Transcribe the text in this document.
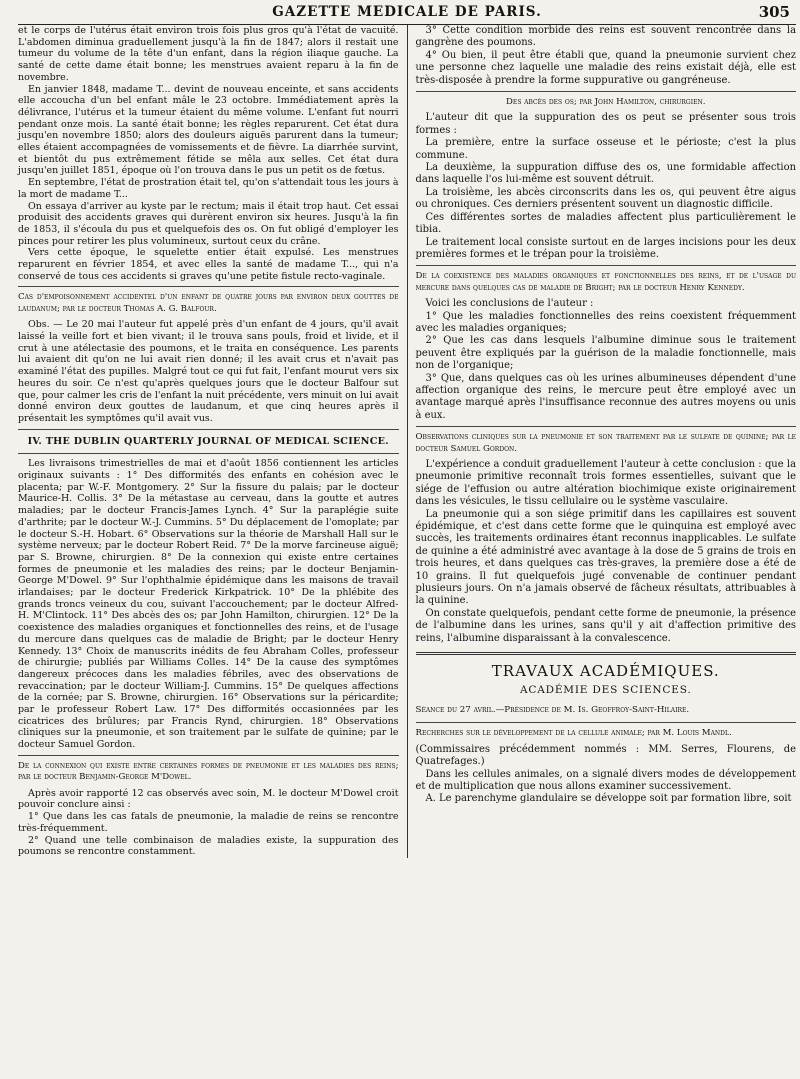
GAZETTE MEDICALE DE PARIS.	305

et le corps de l'utérus était environ trois fois plus gros qu'à l'état de vacuité. L'abdomen diminua graduellement jusqu'à la fin de 1847; alors il restait une tumeur du volume de la tête d'un enfant, dans la région iliaque gauche. La santé de cette dame était bonne; les menstrues avaient reparu à la fin de novembre.

En janvier 1848, madame T... devint de nouveau enceinte, et sans accidents elle accoucha d'un bel enfant mâle le 23 octobre. Immédiatement après la délivrance, l'utérus et la tumeur étaient du même volume. L'enfant fut nourri pendant onze mois. La santé était bonne; les règles reparurent. Cet état dura jusqu'en novembre 1850; alors des douleurs aiguës parurent dans la tumeur; elles étaient accompagnées de vomissements et de fièvre. La diarrhée survint, et bientôt du pus extrêmement fétide se mêla aux selles. Cet état dura jusqu'en juillet 1851, époque où l'on trouva dans le pus un petit os de fœtus.

En septembre, l'état de prostration était tel, qu'on s'attendait tous les jours à la mort de madame T...

On essaya d'arriver au kyste par le rectum; mais il était trop haut. Cet essai produisit des accidents graves qui durèrent environ six heures. Jusqu'à la fin de 1853, il s'écoula du pus et quelquefois des os. On fut obligé d'employer les pinces pour retirer les plus volumineux, surtout ceux du crâne.

Vers cette époque, le squelette entier était expulsé. Les menstrues reparurent en février 1854, et avec elles la santé de madame T..., qui n'a conservé de tous ces accidents si graves qu'une petite fistule recto-vaginale.

Cas d'empoisonnement accidentel d'un enfant de quatre jours par environ deux gouttes de laudanum; par le docteur Thomas A. G. Balfour.

Obs. — Le 20 mai l'auteur fut appelé près d'un enfant de 4 jours, qu'il avait laissé la veille fort et bien vivant; il le trouva sans pouls, froid et livide, et il crut à une atélectasie des poumons, et le traita en conséquence. Les parents lui avaient dit qu'on ne lui avait rien donné; il les avait crus et n'avait pas examiné l'état des pupilles. Malgré tout ce qui fut fait, l'enfant mourut vers six heures du soir. Ce n'est qu'après quelques jours que le docteur Balfour sut que, pour calmer les cris de l'enfant la nuit précédente, vers minuit on lui avait donné environ deux gouttes de laudanum, et que cinq heures après il présentait les symptômes qu'il avait vus.

IV. THE DUBLIN QUARTERLY JOURNAL OF MEDICAL SCIENCE.

Les livraisons trimestrielles de mai et d'août 1856 contiennent les articles originaux suivants : 1° Des difformités des enfants en cohésion avec le placenta; par W.-F. Montgomery. 2° Sur la fissure du palais; par le docteur Maurice-H. Collis. 3° De la métastase au cerveau, dans la goutte et autres maladies; par le docteur Francis-James Lynch. 4° Sur la paraplégie suite d'arthrite; par le docteur W.-J. Cummins. 5° Du déplacement de l'omoplate; par le docteur S.-H. Hobart. 6° Observations sur la théorie de Marshall Hall sur le système nerveux; par le docteur Robert Reid. 7° De la morve farcineuse aiguë; par S. Browne, chirurgien. 8° De la connexion qui existe entre certaines formes de pneumonie et les maladies des reins; par le docteur Benjamin-George M'Dowel. 9° Sur l'ophthalmie épidémique dans les maisons de travail irlandaises; par le docteur Frederick Kirkpatrick. 10° De la phlébite des grands troncs veineux du cou, suivant l'accouchement; par le docteur Alfred-H. M'Clintock. 11° Des abcès des os; par John Hamilton, chirurgien. 12° De la coexistence des maladies organiques et fonctionnelles des reins, et de l'usage du mercure dans quelques cas de maladie de Bright; par le docteur Henry Kennedy. 13° Choix de manuscrits inédits de feu Abraham Colles, professeur de chirurgie; publiés par Williams Colles. 14° De la cause des symptômes dangereux précoces dans les maladies fébriles, avec des observations de revaccination; par le docteur William-J. Cummins. 15° De quelques affections de la cornée; par S. Browne, chirurgien. 16° Observations sur la péricardite; par le professeur Robert Law. 17° Des difformités occasionnées par les cicatrices des brûlures; par Francis Rynd, chirurgien. 18° Observations cliniques sur la pneumonie, et son traitement par le sulfate de quinine; par le docteur Samuel Gordon.

De la connexion qui existe entre certaines formes de pneumonie et les maladies des reins; par le docteur Benjamin-George M'Dowel.

Après avoir rapporté 12 cas observés avec soin, M. le docteur M'Dowel croit pouvoir conclure ainsi :

1° Que dans les cas fatals de pneumonie, la maladie de reins se rencontre très-fréquemment.

2° Quand une telle combinaison de maladies existe, la suppuration des poumons se rencontre constamment.

3° Cette condition morbide des reins est souvent rencontrée dans la gangrène des poumons.

4° Ou bien, il peut être établi que, quand la pneumonie survient chez une personne chez laquelle une maladie des reins existait déjà, elle est très-disposée à prendre la forme suppurative ou gangréneuse.

Des abcès des os; par John Hamilton, chirurgien.

L'auteur dit que la suppuration des os peut se présenter sous trois formes :

La première, entre la surface osseuse et le périoste; c'est la plus commune.

La deuxième, la suppuration diffuse des os, une formidable affection dans laquelle l'os lui-même est souvent détruit.

La troisième, les abcès circonscrits dans les os, qui peuvent être aigus ou chroniques. Ces derniers présentent souvent un diagnostic difficile.

Ces différentes sortes de maladies affectent plus particulièrement le tibia.

Le traitement local consiste surtout en de larges incisions pour les deux premières formes et le trépan pour la troisième.

De la coexistence des maladies organiques et fonctionnelles des reins, et de l'usage du mercure dans quelques cas de maladie de Bright; par le docteur Henry Kennedy.

Voici les conclusions de l'auteur :

1° Que les maladies fonctionnelles des reins coexistent fréquemment avec les maladies organiques;

2° Que les cas dans lesquels l'albumine diminue sous le traitement peuvent être expliqués par la guérison de la maladie fonctionnelle, mais non de l'organique;

3° Que, dans quelques cas où les urines albumineuses dépendent d'une affection organique des reins, le mercure peut être employé avec un avantage marqué après l'insuffisance reconnue des autres moyens ou unis à eux.

Observations cliniques sur la pneumonie et son traitement par le sulfate de quinine; par le docteur Samuel Gordon.

L'expérience a conduit graduellement l'auteur à cette conclusion : que la pneumonie primitive reconnaît trois formes essentielles, suivant que le siége de l'effusion ou autre altération biochimique existe originairement dans les vésicules, le tissu cellulaire ou le système vasculaire.

La pneumonie qui a son siége primitif dans les capillaires est souvent épidémique, et c'est dans cette forme que le quinquina est employé avec succès, les traitements ordinaires étant reconnus inapplicables. Le sulfate de quinine a été administré avec avantage à la dose de 5 grains de trois en trois heures, et dans quelques cas très-graves, la première dose a été de 10 grains. Il fut quelquefois jugé convenable de continuer pendant plusieurs jours. On n'a jamais observé de fâcheux résultats, attribuables à la quinine.

On constate quelquefois, pendant cette forme de pneumonie, la présence de l'albumine dans les urines, sans qu'il y ait d'affection primitive des reins, l'albumine disparaissant à la convalescence.

TRAVAUX ACADÉMIQUES.
ACADÉMIE DES SCIENCES.

Séance du 27 avril.—Présidence de M. Is. Geoffroy-Saint-Hilaire.

Recherches sur le développement de la cellule animale; par M. Louis Mandl.

(Commissaires précédemment nommés : MM. Serres, Flourens, de Quatrefages.)

Dans les cellules animales, on a signalé divers modes de développement et de multiplication que nous allons examiner successivement.

A. Le parenchyme glandulaire se développe soit par formation libre, soit
